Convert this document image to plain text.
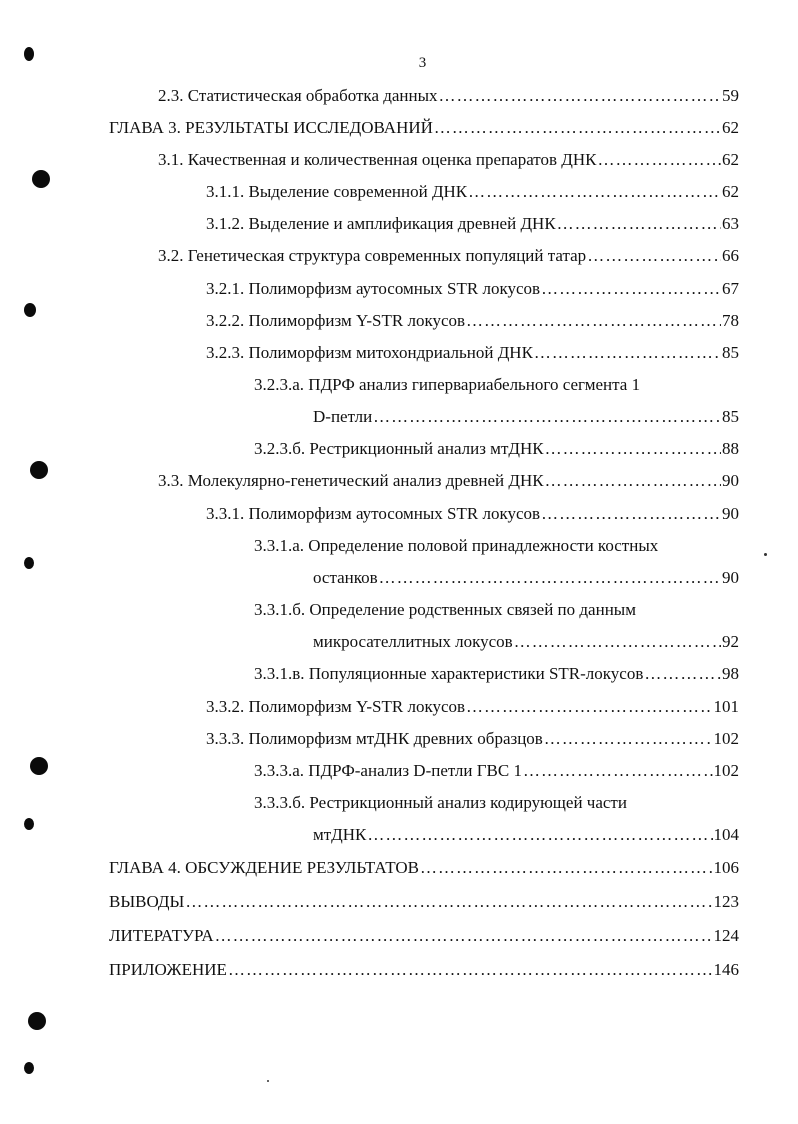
3
2.3. Статистическая обработка данных …………………………………………………………………………………………………………………………………………………………	59
ГЛАВА 3. РЕЗУЛЬТАТЫ ИССЛЕДОВАНИЙ …………………………………………………………………………………………………………………………………………………………	62
3.1. Качественная и количественная оценка препаратов ДНК …………………………………………………………………………………………………………………………………………………………	62
3.1.1. Выделение современной ДНК …………………………………………………………………………………………………………………………………………………………	62
3.1.2. Выделение и амплификация древней ДНК …………………………………………………………………………………………………………………………………………………………	63
3.2. Генетическая структура современных популяций татар …………………………………………………………………………………………………………………………………………………………	66
3.2.1. Полиморфизм аутосомных STR локусов …………………………………………………………………………………………………………………………………………………………	67
3.2.2. Полиморфизм Y-STR локусов …………………………………………………………………………………………………………………………………………………………	78
3.2.3. Полиморфизм митохондриальной ДНК …………………………………………………………………………………………………………………………………………………………	85
3.2.3.а. ПДРФ анализ гипервариабельного сегмента 1
D-петли …………………………………………………………………………………………………………………………………………………………	85
3.2.3.б. Рестрикционный анализ мтДНК …………………………………………………………………………………………………………………………………………………………	88
3.3. Молекулярно-генетический анализ древней ДНК …………………………………………………………………………………………………………………………………………………………	90
3.3.1. Полиморфизм аутосомных STR локусов …………………………………………………………………………………………………………………………………………………………	90
3.3.1.а. Определение половой принадлежности костных
останков …………………………………………………………………………………………………………………………………………………………	90
3.3.1.б. Определение родственных связей по данным
микросателлитных локусов …………………………………………………………………………………………………………………………………………………………	92
3.3.1.в. Популяционные характеристики STR-локусов …………………………………………………………………………………………………………………………………………………………	98
3.3.2. Полиморфизм Y-STR локусов …………………………………………………………………………………………………………………………………………………………	101
3.3.3. Полиморфизм мтДНК древних образцов …………………………………………………………………………………………………………………………………………………………	102
3.3.3.а. ПДРФ-анализ D-петли ГВС 1 …………………………………………………………………………………………………………………………………………………………	102
3.3.3.б. Рестрикционный анализ кодирующей части
мтДНК …………………………………………………………………………………………………………………………………………………………	104
ГЛАВА 4. ОБСУЖДЕНИЕ РЕЗУЛЬТАТОВ …………………………………………………………………………………………………………………………………………………………	106
ВЫВОДЫ …………………………………………………………………………………………………………………………………………………………	123
ЛИТЕРАТУРА …………………………………………………………………………………………………………………………………………………………	124
ПРИЛОЖЕНИЕ …………………………………………………………………………………………………………………………………………………………	146
